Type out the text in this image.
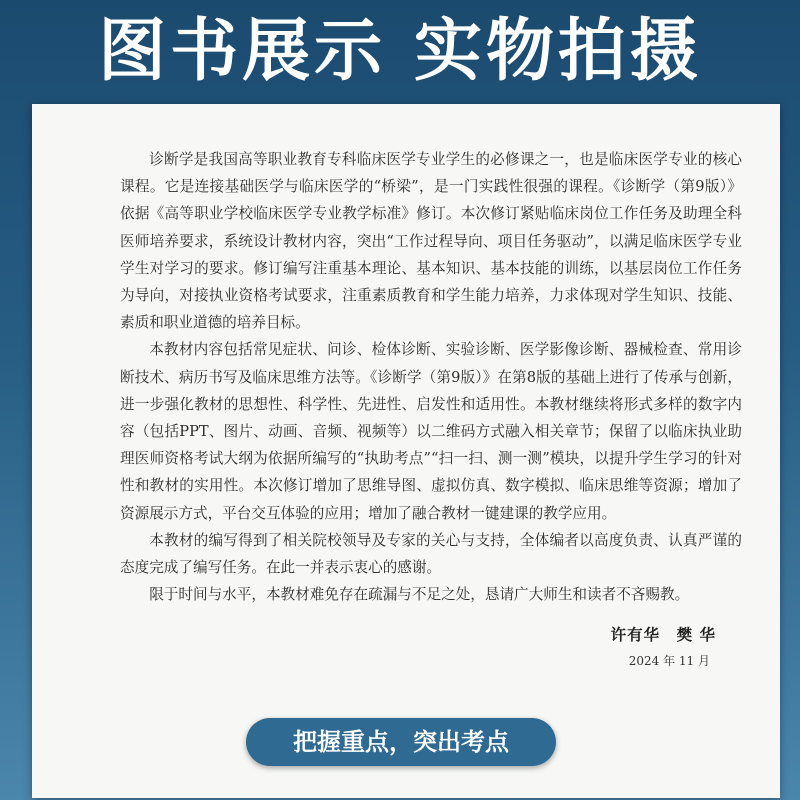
图书展示 实物拍摄

诊断学是我国高等职业教育专科临床医学专业学生的必修课之一，也是临床医学专业的核心课程。它是连接基础医学与临床医学的“桥梁”，是一门实践性很强的课程。《诊断学（第9版）》依据《高等职业学校临床医学专业教学标准》修订。本次修订紧贴临床岗位工作任务及助理全科医师培养要求，系统设计教材内容，突出“工作过程导向、项目任务驱动”，以满足临床医学专业学生对学习的要求。修订编写注重基本理论、基本知识、基本技能的训练，以基层岗位工作任务为导向，对接执业资格考试要求，注重素质教育和学生能力培养，力求体现对学生知识、技能、素质和职业道德的培养目标。

本教材内容包括常见症状、问诊、检体诊断、实验诊断、医学影像诊断、器械检查、常用诊断技术、病历书写及临床思维方法等。《诊断学（第9版）》在第8版的基础上进行了传承与创新，进一步强化教材的思想性、科学性、先进性、启发性和适用性。本教材继续将形式多样的数字内容（包括PPT、图片、动画、音频、视频等）以二维码方式融入相关章节；保留了以临床执业助理医师资格考试大纲为依据所编写的“执助考点”“扫一扫、测一测”模块，以提升学生学习的针对性和教材的实用性。本次修订增加了思维导图、虚拟仿真、数字模拟、临床思维等资源；增加了资源展示方式，平台交互体验的应用；增加了融合教材一键建课的教学应用。

本教材的编写得到了相关院校领导及专家的关心与支持，全体编者以高度负责、认真严谨的态度完成了编写任务。在此一并表示衷心的感谢。

限于时间与水平，本教材难免存在疏漏与不足之处，恳请广大师生和读者不吝赐教。

许有华　樊 华
2024 年 11 月
把握重点，突出考点
